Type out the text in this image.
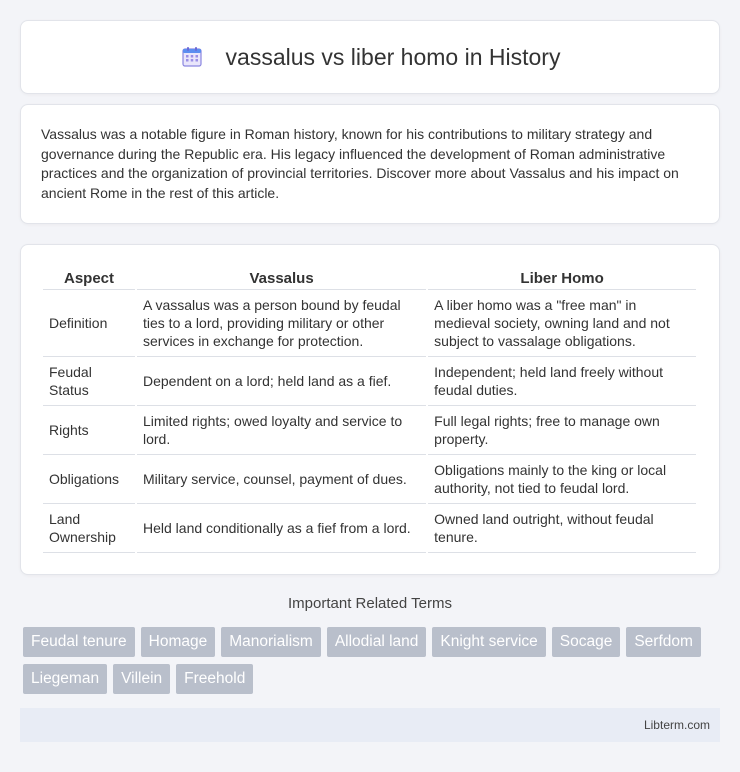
vassalus vs liber homo in History

Vassalus was a notable figure in Roman history, known for his contributions to military strategy and governance during the Republic era. His legacy influenced the development of Roman administrative practices and the organization of provincial territories. Discover more about Vassalus and his impact on ancient Rome in the rest of this article.

Aspect	Vassalus	Liber Homo
Definition	A vassalus was a person bound by feudal ties to a lord, providing military or other services in exchange for protection.	A liber homo was a "free man" in medieval society, owning land and not subject to vassalage obligations.
Feudal Status	Dependent on a lord; held land as a fief.	Independent; held land freely without feudal duties.
Rights	Limited rights; owed loyalty and service to lord.	Full legal rights; free to manage own property.
Obligations	Military service, counsel, payment of dues.	Obligations mainly to the king or local authority, not tied to feudal lord.
Land Ownership	Held land conditionally as a fief from a lord.	Owned land outright, without feudal tenure.
Important Related Terms
Feudal tenure	Homage	Manorialism	Allodial land	Knight service	Socage	Serfdom
Liegeman	Villein	Freehold
Libterm.com
